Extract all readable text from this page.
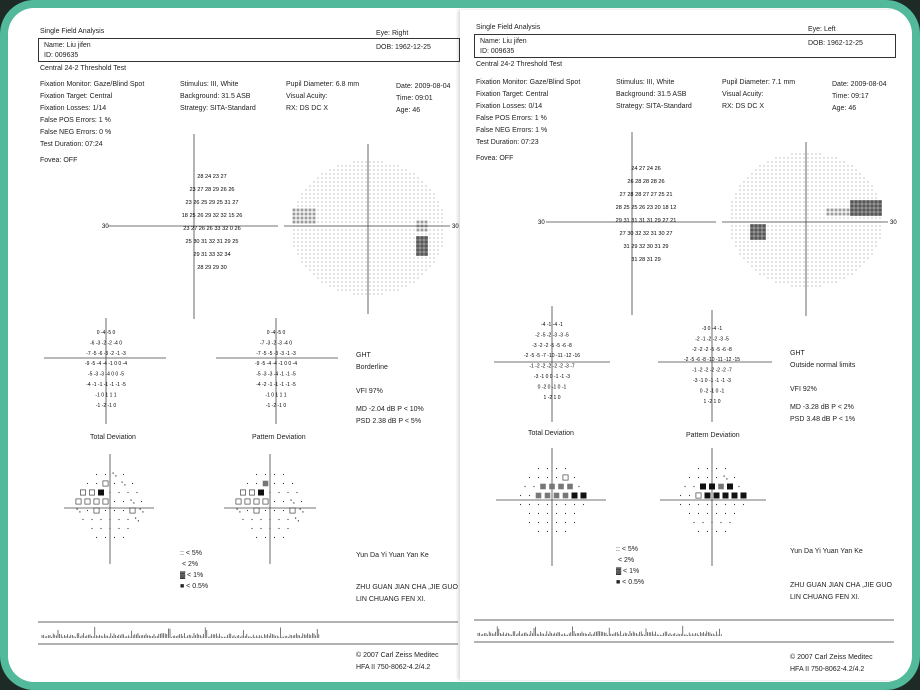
Single Field Analysis	Eye: Right
Name: Liu jifen
ID: 009635
DOB: 1962-12-25
Central 24-2 Threshold Test
Fixation Monitor: Gaze/Blind Spot
Fixation Target: Central
Fixation Losses: 1/14
False POS Errors: 1 %
False NEG Errors: 0 %
Test Duration: 07:24
Stimulus: III, White
Background: 31.5 ASB
Strategy: SITA-Standard
Pupil Diameter: 6.8 mm
Visual Acuity:
RX: DS DC X
Date: 2009-08-04
Time: 09:01
Age: 46
Fovea: OFF
30
28 24 23 27
23 27 28 29 26 26
23 26 25 29 25 31 27
18 25 26 29 32 32 15 26
23 27 26 26 33 32 0 26
25 30 31 32 31 29 25
29 31 33 32 34
28 29 29 30
30
0 -4 -5 0
-6 -3 -2 -2 -4 0
-7 -5 -6 -3 -2 -1 -3
-9 -5 -4 -4 -1 0 0 -4
-5 -3 -3 -4 0 0 -5
-4 -1 -1 -1 -1 -1 -5
-1 0 1 1 1
-1 -2 -1 0
0 -4 -5 0
-7 -3 -2 -3 -4 0
-7 -5 -5 -3 -3 -1 -3
-9 -5 -4 -4 -1 0 0 -4
-5 -3 -3 -4 -1 -1 -5
-4 -2 -1 -1 -1 -1 -5
-1 0 1 1 1
-1 -2 -1 0
Total Deviation	Pattern Deviation
GHT
Borderline
VFI 97%
MD -2.04 dB P < 10%
PSD 2.38 dB P < 5%
:: < 5%
⁢ < 2%
▓ < 1%
■ < 0.5%
Yun Da Yi Yuan Yan Ke
ZHU GUAN JIAN CHA ,JIE GUO
LIN CHUANG FEN XI.
© 2007 Carl Zeiss Meditec
HFA II 750-8062-4.2/4.2
Single Field Analysis	Eye: Left
Name: Liu jifen
ID: 009635
DOB: 1962-12-25
Central 24-2 Threshold Test
Fixation Monitor: Gaze/Blind Spot
Fixation Target: Central
Fixation Losses: 0/14
False POS Errors: 1 %
False NEG Errors: 1 %
Test Duration: 07:23
Stimulus: III, White
Background: 31.5 ASB
Strategy: SITA-Standard
Pupil Diameter: 7.1 mm
Visual Acuity:
RX: DS DC X
Date: 2009-08-04
Time: 09:17
Age: 46
Fovea: OFF
30
24 27 24 26
26 28 28 28 26
27 28 28 27 27 25 21
28 25 25 26 23 20 18 12
29 31 31 31 31 29 27 21
27 30 32 32 31 30 27
31 29 32 30 31 29
31 28 31 29
30
-4 -1 -4 -1
-2 -5 -2 -3 -3 -5
-3 -2 -2 -5 -5 -6 -8
-2 -5 -5 -7 -10 -11 -12 -16
-1 -2 -2 -2 -2 -2 -3 -7
-3 -1 0 0 -1 -1 -3
0 -2 0 -1 0 -1
1 -2 1 0
-3 0 -4 -1
-2 -1 -2 -2 -3 -5
-2 -2 -2 -5 -5 -6 -8
-2 -5 -6 -8 -10 -11 -12 -15
-1 -2 -2 -2 -2 -2 -7
-3 -1 0 -1 -1 -1 -3
0 -2 -1 0 -1
1 -2 1 0
Total Deviation	Pattern Deviation
GHT
Outside normal limits
VFI 92%
MD -3.28 dB P < 2%
PSD 3.48 dB P < 1%
:: < 5%
⁢ < 2%
▓ < 1%
■ < 0.5%
Yun Da Yi Yuan Yan Ke
ZHU GUAN JIAN CHA ,JIE GUO
LIN CHUANG FEN XI.
© 2007 Carl Zeiss Meditec
HFA II 750-8062-4.2/4.2
